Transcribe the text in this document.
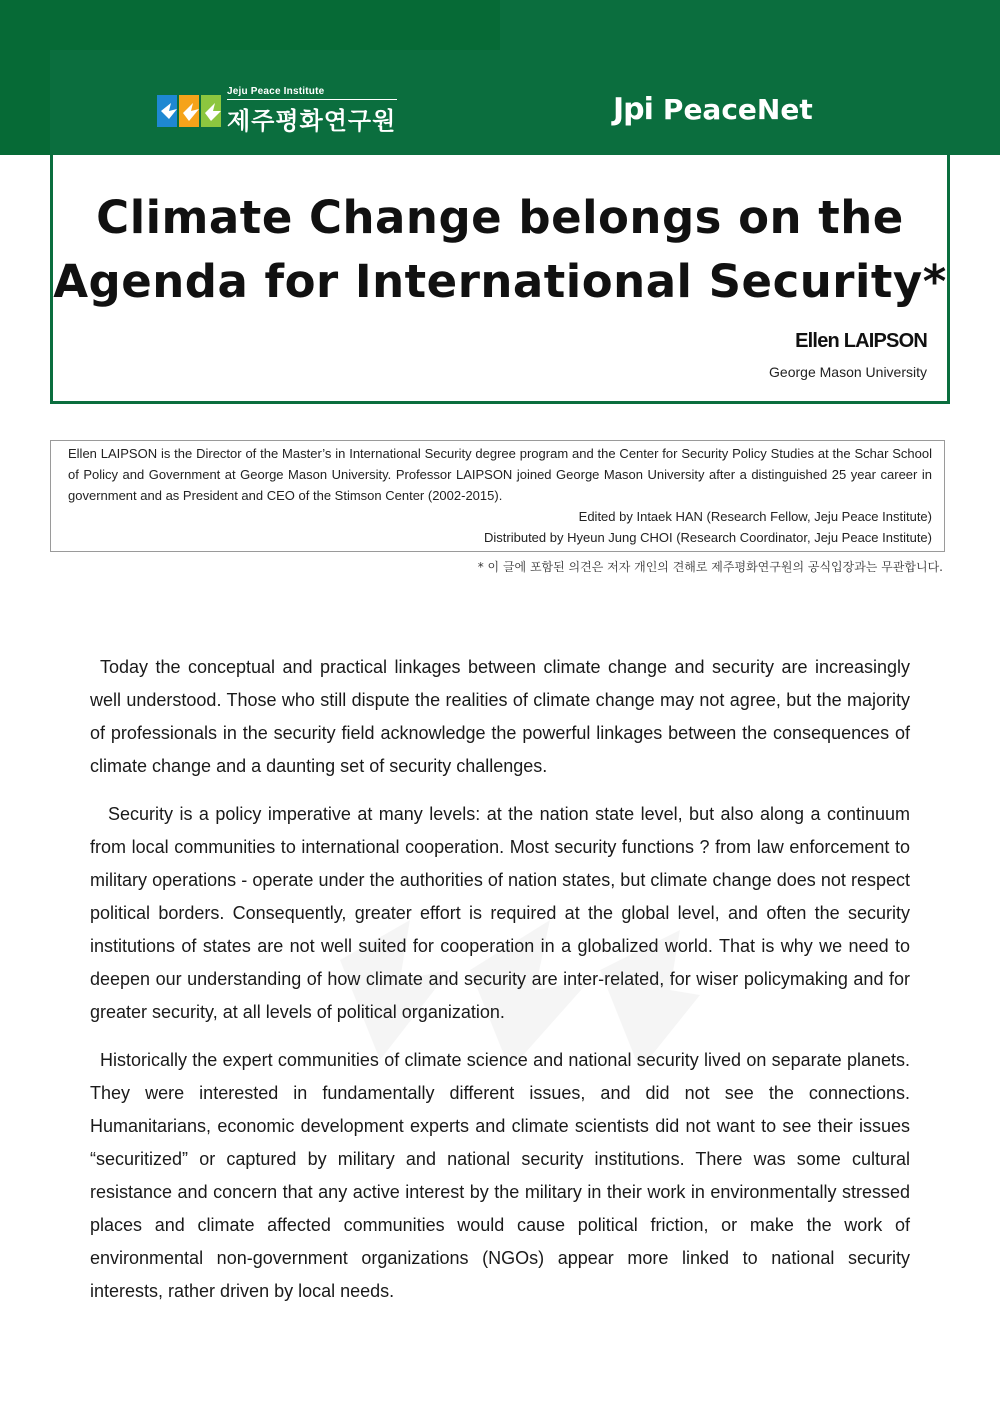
Jeju Peace Institute
제주평화연구원	Jpi PeaceNet
Climate Change belongs on the
Agenda for International Security*
Ellen LAIPSON
George Mason University
Ellen LAIPSON is the Director of the Master’s in International Security degree program and the Center for Security Policy Studies at the Schar School of Policy and Government at George Mason University. Professor LAIPSON joined George Mason University after a distinguished 25 year career in government and as President and CEO of the Stimson Center (2002-2015).
Edited by Intaek HAN (Research Fellow, Jeju Peace Institute)
Distributed by Hyeun Jung CHOI (Research Coordinator, Jeju Peace Institute)
* 이 글에 포함된 의견은 저자 개인의 견해로 제주평화연구원의 공식입장과는 무관합니다.

Today the conceptual and practical linkages between climate change and security are increasingly well understood. Those who still dispute the realities of climate change may not agree, but the majority of professionals in the security field acknowledge the powerful linkages between the consequences of climate change and a daunting set of security challenges.

Security is a policy imperative at many levels: at the nation state level, but also along a continuum from local communities to international cooperation. Most security functions ? from law enforcement to military operations - operate under the authorities of nation states, but climate change does not respect political borders. Consequently, greater effort is required at the global level, and often the security institutions of states are not well suited for cooperation in a globalized world. That is why we need to deepen our understanding of how climate and security are inter-related, for wiser policymaking and for greater security, at all levels of political organization.

Historically the expert communities of climate science and national security lived on separate planets. They were interested in fundamentally different issues, and did not see the connections. Humanitarians, economic development experts and climate scientists did not want to see their issues “securitized” or captured by military and national security institutions. There was some cultural resistance and concern that any active interest by the military in their work in environmentally stressed places and climate affected communities would cause political friction, or make the work of environmental non-government organizations (NGOs) appear more linked to national security interests, rather driven by local needs.
